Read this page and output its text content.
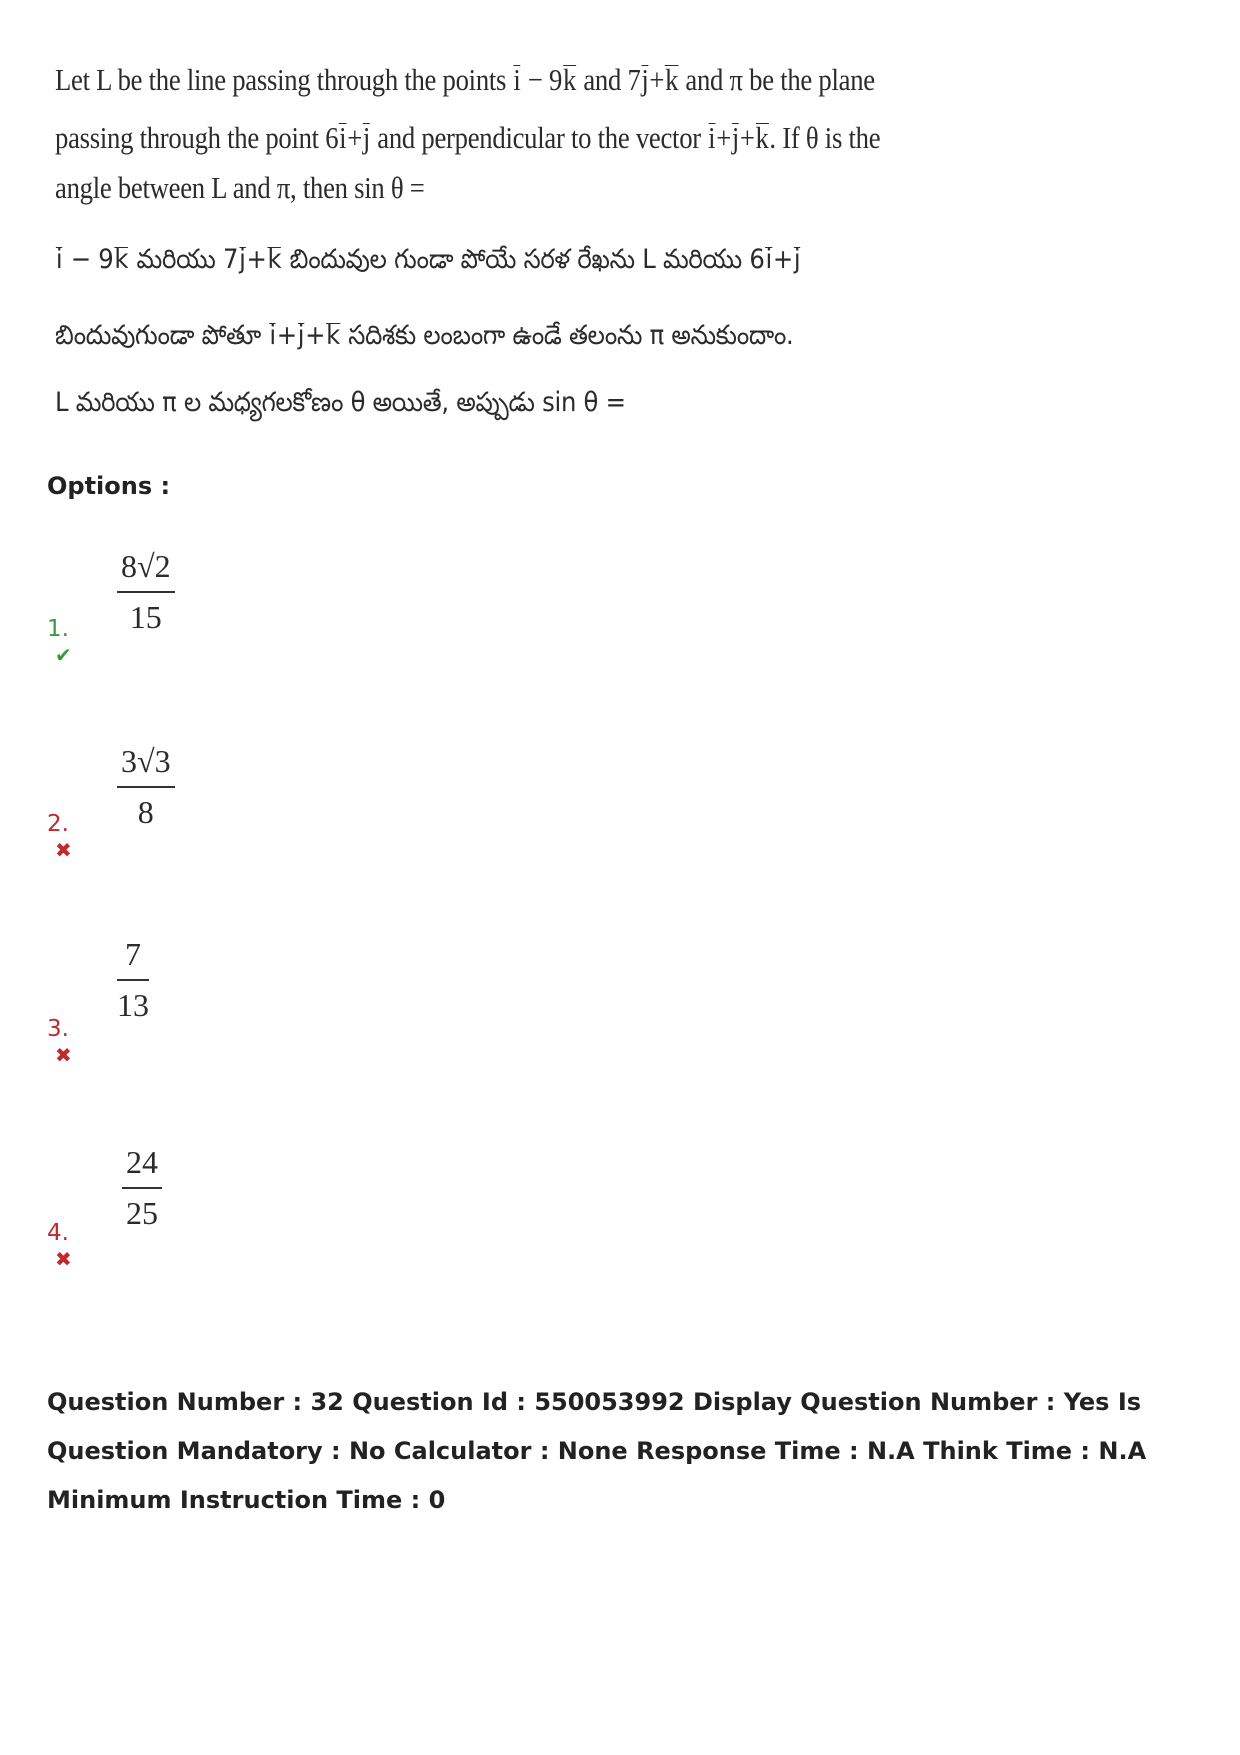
Let L be the line passing through the points i − 9k and 7j+k and π be the plane
passing through the point 6i+j and perpendicular to the vector i+j+k. If θ is the
angle between L and π, then sin θ =
i − 9k మరియు 7j+k బిందువుల గుండా పోయే సరళ రేఖను L మరియు 6i+j
బిందువుగుండా పోతూ i+j+k సదిశకు లంబంగా ఉండే తలంను π అనుకుందాం.
L మరియు π ల మధ్యగలకోణం θ అయితే, అప్పుడు sin θ =
Options :
$\frac{8√2}{15}$
1.✔
$\frac{3√3}{8}$
2.✖
$\frac{7}{13}$
3.✖
$\frac{24}{25}$
4.✖
Question Number : 32 Question Id : 550053992 Display Question Number : Yes Is Question Mandatory : No Calculator : None Response Time : N.A Think Time : N.A Minimum Instruction Time : 0
